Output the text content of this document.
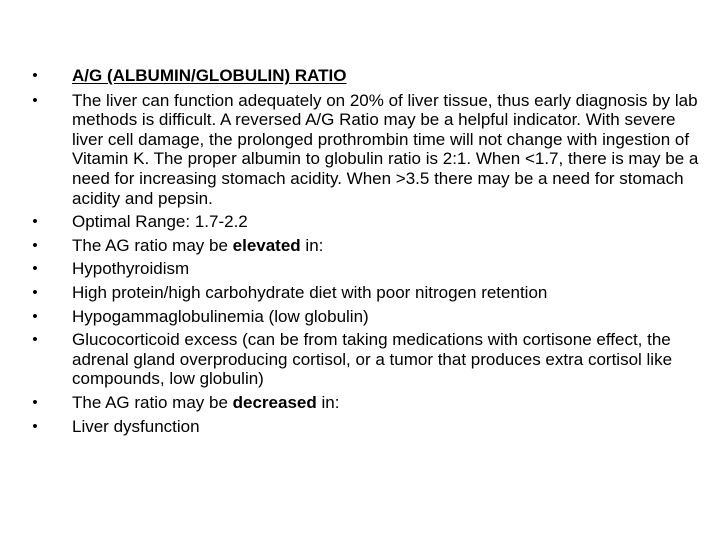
• A/G (ALBUMIN/GLOBULIN) RATIO
• The liver can function adequately on 20% of liver tissue, thus early diagnosis by lab methods is difficult. A reversed A/G Ratio may be a helpful indicator. With severe liver cell damage, the prolonged prothrombin time will not change with ingestion of Vitamin K. The proper albumin to globulin ratio is 2:1. When <1.7, there is may be a need for increasing stomach acidity. When >3.5 there may be a need for stomach acidity and pepsin.
• Optimal Range: 1.7-2.2
• The AG ratio may be elevated in:
• Hypothyroidism
• High protein/high carbohydrate diet with poor nitrogen retention
• Hypogammaglobulinemia (low globulin)
• Glucocorticoid excess (can be from taking medications with cortisone effect, the adrenal gland overproducing cortisol, or a tumor that produces extra cortisol like compounds, low globulin)
• The AG ratio may be decreased in:
• Liver dysfunction
